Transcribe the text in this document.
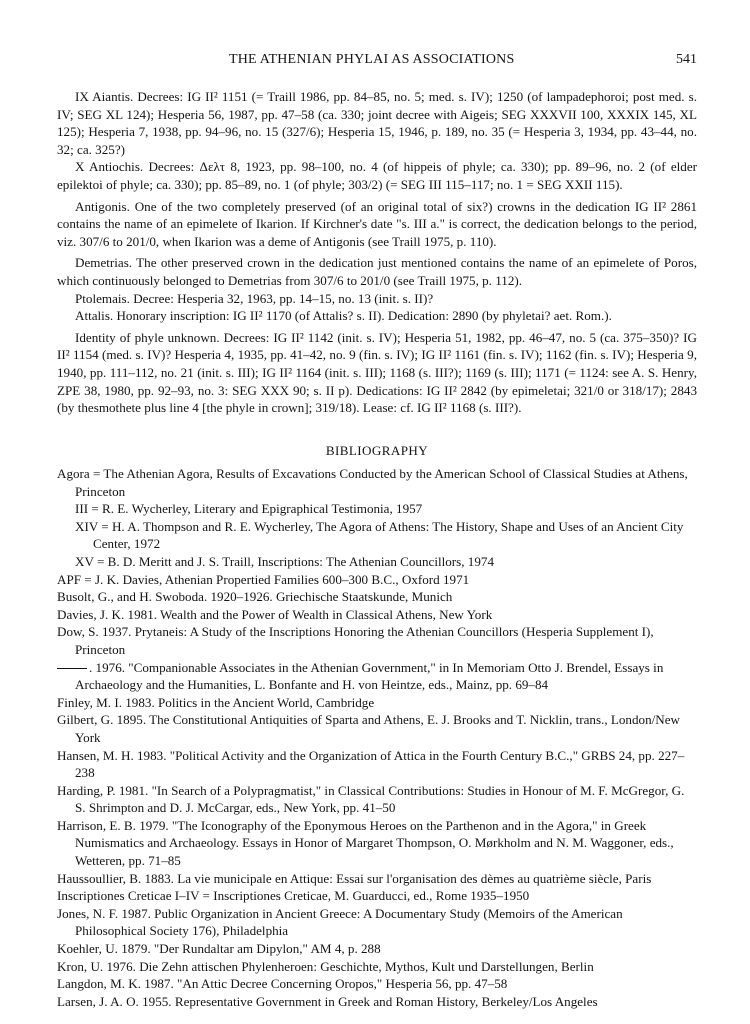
THE ATHENIAN PHYLAI AS ASSOCIATIONS	541

IX Aiantis. Decrees: IG II² 1151 (= Traill 1986, pp. 84–85, no. 5; med. s. IV); 1250 (of lampadephoroi; post med. s. IV; SEG XL 124); Hesperia 56, 1987, pp. 47–58 (ca. 330; joint decree with Aigeis; SEG XXXVII 100, XXXIX 145, XL 125); Hesperia 7, 1938, pp. 94–96, no. 15 (327/6); Hesperia 15, 1946, p. 189, no. 35 (= Hesperia 3, 1934, pp. 43–44, no. 32; ca. 325?)

X Antiochis. Decrees: Δελτ 8, 1923, pp. 98–100, no. 4 (of hippeis of phyle; ca. 330); pp. 89–96, no. 2 (of elder epilektoi of phyle; ca. 330); pp. 85–89, no. 1 (of phyle; 303/2) (= SEG III 115–117; no. 1 = SEG XXII 115).

Antigonis. One of the two completely preserved (of an original total of six?) crowns in the dedication IG II² 2861 contains the name of an epimelete of Ikarion. If Kirchner's date "s. III a." is correct, the dedication belongs to the period, viz. 307/6 to 201/0, when Ikarion was a deme of Antigonis (see Traill 1975, p. 110).

Demetrias. The other preserved crown in the dedication just mentioned contains the name of an epimelete of Poros, which continuously belonged to Demetrias from 307/6 to 201/0 (see Traill 1975, p. 112).

Ptolemais. Decree: Hesperia 32, 1963, pp. 14–15, no. 13 (init. s. II)?

Attalis. Honorary inscription: IG II² 1170 (of Attalis? s. II). Dedication: 2890 (by phyletai? aet. Rom.).

Identity of phyle unknown. Decrees: IG II² 1142 (init. s. IV); Hesperia 51, 1982, pp. 46–47, no. 5 (ca. 375–350)? IG II² 1154 (med. s. IV)? Hesperia 4, 1935, pp. 41–42, no. 9 (fin. s. IV); IG II² 1161 (fin. s. IV); 1162 (fin. s. IV); Hesperia 9, 1940, pp. 111–112, no. 21 (init. s. III); IG II² 1164 (init. s. III); 1168 (s. III?); 1169 (s. III); 1171 (= 1124: see A. S. Henry, ZPE 38, 1980, pp. 92–93, no. 3: SEG XXX 90; s. II p). Dedications: IG II² 2842 (by epimeletai; 321/0 or 318/17); 2843 (by thesmothete plus line 4 [the phyle in crown]; 319/18). Lease: cf. IG II² 1168 (s. III?).

BIBLIOGRAPHY

Agora = The Athenian Agora, Results of Excavations Conducted by the American School of Classical Studies at Athens, Princeton

III = R. E. Wycherley, Literary and Epigraphical Testimonia, 1957

XIV = H. A. Thompson and R. E. Wycherley, The Agora of Athens: The History, Shape and Uses of an Ancient City Center, 1972

XV = B. D. Meritt and J. S. Traill, Inscriptions: The Athenian Councillors, 1974

APF = J. K. Davies, Athenian Propertied Families 600–300 B.C., Oxford 1971

Busolt, G., and H. Swoboda. 1920–1926. Griechische Staatskunde, Munich

Davies, J. K. 1981. Wealth and the Power of Wealth in Classical Athens, New York

Dow, S. 1937. Prytaneis: A Study of the Inscriptions Honoring the Athenian Councillors (Hesperia Supplement I), Princeton

. 1976. "Companionable Associates in the Athenian Government," in In Memoriam Otto J. Brendel, Essays in Archaeology and the Humanities, L. Bonfante and H. von Heintze, eds., Mainz, pp. 69–84

Finley, M. I. 1983. Politics in the Ancient World, Cambridge

Gilbert, G. 1895. The Constitutional Antiquities of Sparta and Athens, E. J. Brooks and T. Nicklin, trans., London/New York

Hansen, M. H. 1983. "Political Activity and the Organization of Attica in the Fourth Century B.C.," GRBS 24, pp. 227–238

Harding, P. 1981. "In Search of a Polypragmatist," in Classical Contributions: Studies in Honour of M. F. McGregor, G. S. Shrimpton and D. J. McCargar, eds., New York, pp. 41–50

Harrison, E. B. 1979. "The Iconography of the Eponymous Heroes on the Parthenon and in the Agora," in Greek Numismatics and Archaeology. Essays in Honor of Margaret Thompson, O. Mørkholm and N. M. Waggoner, eds., Wetteren, pp. 71–85

Haussoullier, B. 1883. La vie municipale en Attique: Essai sur l'organisation des dèmes au quatrième siècle, Paris

Inscriptiones Creticae I–IV = Inscriptiones Creticae, M. Guarducci, ed., Rome 1935–1950

Jones, N. F. 1987. Public Organization in Ancient Greece: A Documentary Study (Memoirs of the American Philosophical Society 176), Philadelphia

Koehler, U. 1879. "Der Rundaltar am Dipylon," AM 4, p. 288

Kron, U. 1976. Die Zehn attischen Phylenheroen: Geschichte, Mythos, Kult und Darstellungen, Berlin

Langdon, M. K. 1987. "An Attic Decree Concerning Oropos," Hesperia 56, pp. 47–58

Larsen, J. A. O. 1955. Representative Government in Greek and Roman History, Berkeley/Los Angeles
